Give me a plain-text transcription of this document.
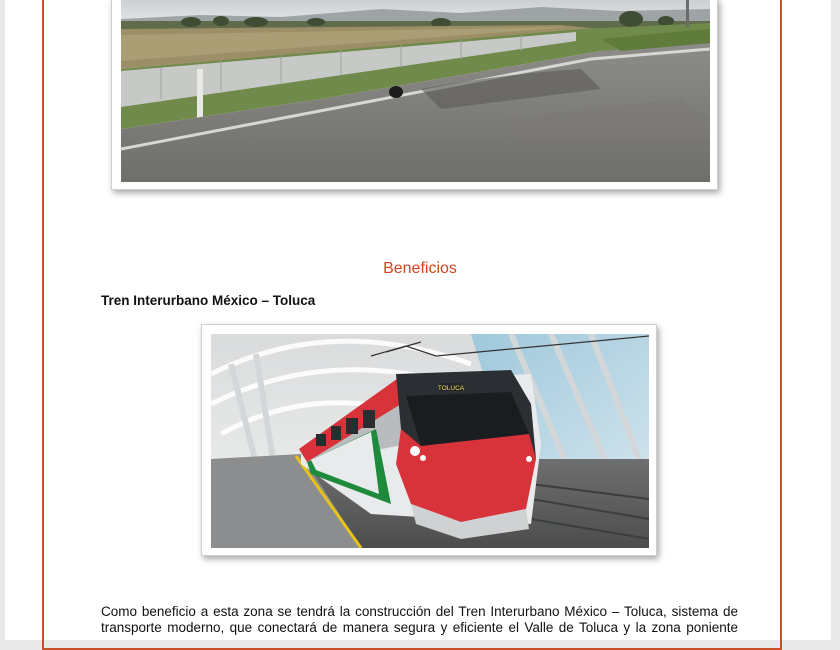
Beneficios
Tren Interurbano México – Toluca
TOLUCA
Como beneficio a esta zona se tendrá la construcción del Tren Interurbano México – Toluca, sistema de
transporte moderno, que conectará de manera segura y eficiente el Valle de Toluca y la zona poniente
